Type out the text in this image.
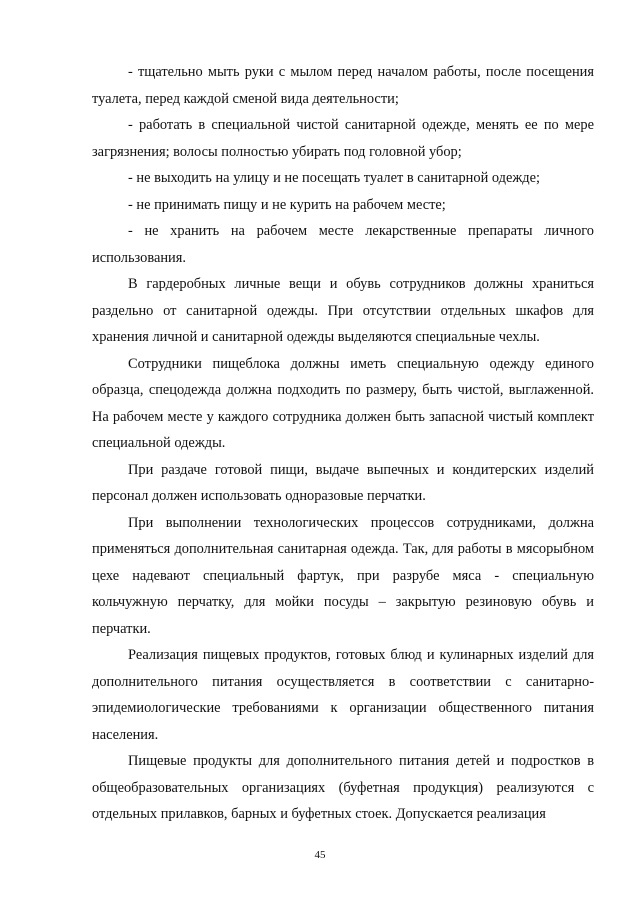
- тщательно мыть руки с мылом перед началом работы, после посещения туалета, перед каждой сменой вида деятельности;

- работать в специальной чистой санитарной одежде, менять ее по мере загрязнения; волосы полностью убирать под головной убор;

- не выходить на улицу и не посещать туалет в санитарной одежде;

- не принимать пищу и не курить на рабочем месте;

- не хранить на рабочем месте лекарственные препараты личного использования.

В гардеробных личные вещи и обувь сотрудников должны храниться раздельно от санитарной одежды. При отсутствии отдельных шкафов для хранения личной и санитарной одежды выделяются специальные чехлы.

Сотрудники пищеблока должны иметь специальную одежду единого образца, спецодежда должна подходить по размеру, быть чистой, выглаженной. На рабочем месте у каждого сотрудника должен быть запасной чистый комплект специальной одежды.

При раздаче готовой пищи, выдаче выпечных и кондитерских изделий персонал должен использовать одноразовые перчатки.

При выполнении технологических процессов сотрудниками, должна применяться дополнительная санитарная одежда. Так, для работы в мясорыбном цехе надевают специальный фартук, при разрубе мяса - специальную кольчужную перчатку, для мойки посуды – закрытую резиновую обувь и перчатки.

Реализация пищевых продуктов, готовых блюд и кулинарных изделий для дополнительного питания осуществляется в соответствии с санитарно-эпидемиологические требованиями к организации общественного питания населения.

Пищевые продукты для дополнительного питания детей и подростков в общеобразовательных организациях (буфетная продукция) реализуются с отдельных прилавков, барных и буфетных стоек. Допускается реализация

45
